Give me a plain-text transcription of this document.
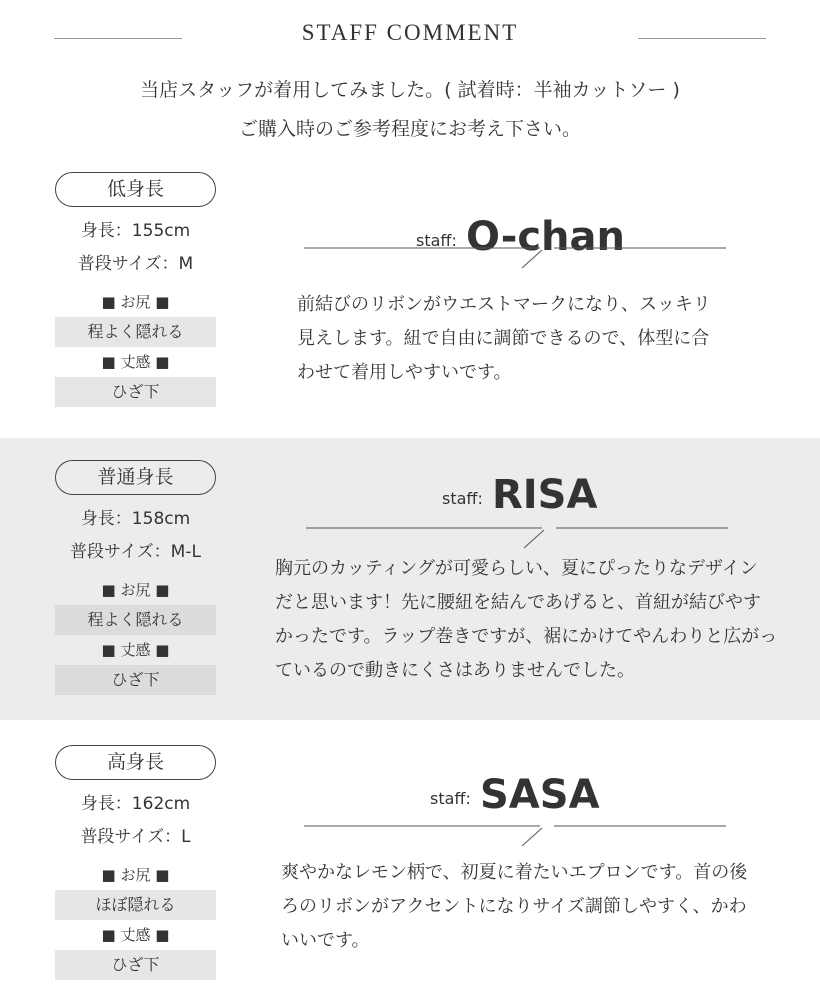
STAFF COMMENT
当店スタッフが着用してみました。( 試着時：半袖カットソー )
ご購入時のご参考程度にお考え下さい。
低身長
身長：155cm
普段サイズ：M
■ お尻 ■
程よく隠れる
■ 丈感 ■
ひざ下
staff: O-chan
前結びのリボンがウエストマークになり、スッキリ
見えします。紐で自由に調節できるので、体型に合
わせて着用しやすいです。
普通身長
身長：158cm
普段サイズ：M-L
■ お尻 ■
程よく隠れる
■ 丈感 ■
ひざ下
staff: RISA
胸元のカッティングが可愛らしい、夏にぴったりなデザイン
だと思います！先に腰紐を結んであげると、首紐が結びやす
かったです。ラップ巻きですが、裾にかけてやんわりと広がっ
ているので動きにくさはありませんでした。
高身長
身長：162cm
普段サイズ：L
■ お尻 ■
ほぼ隠れる
■ 丈感 ■
ひざ下
staff: SASA
爽やかなレモン柄で、初夏に着たいエプロンです。首の後
ろのリボンがアクセントになりサイズ調節しやすく、かわ
いいです。
